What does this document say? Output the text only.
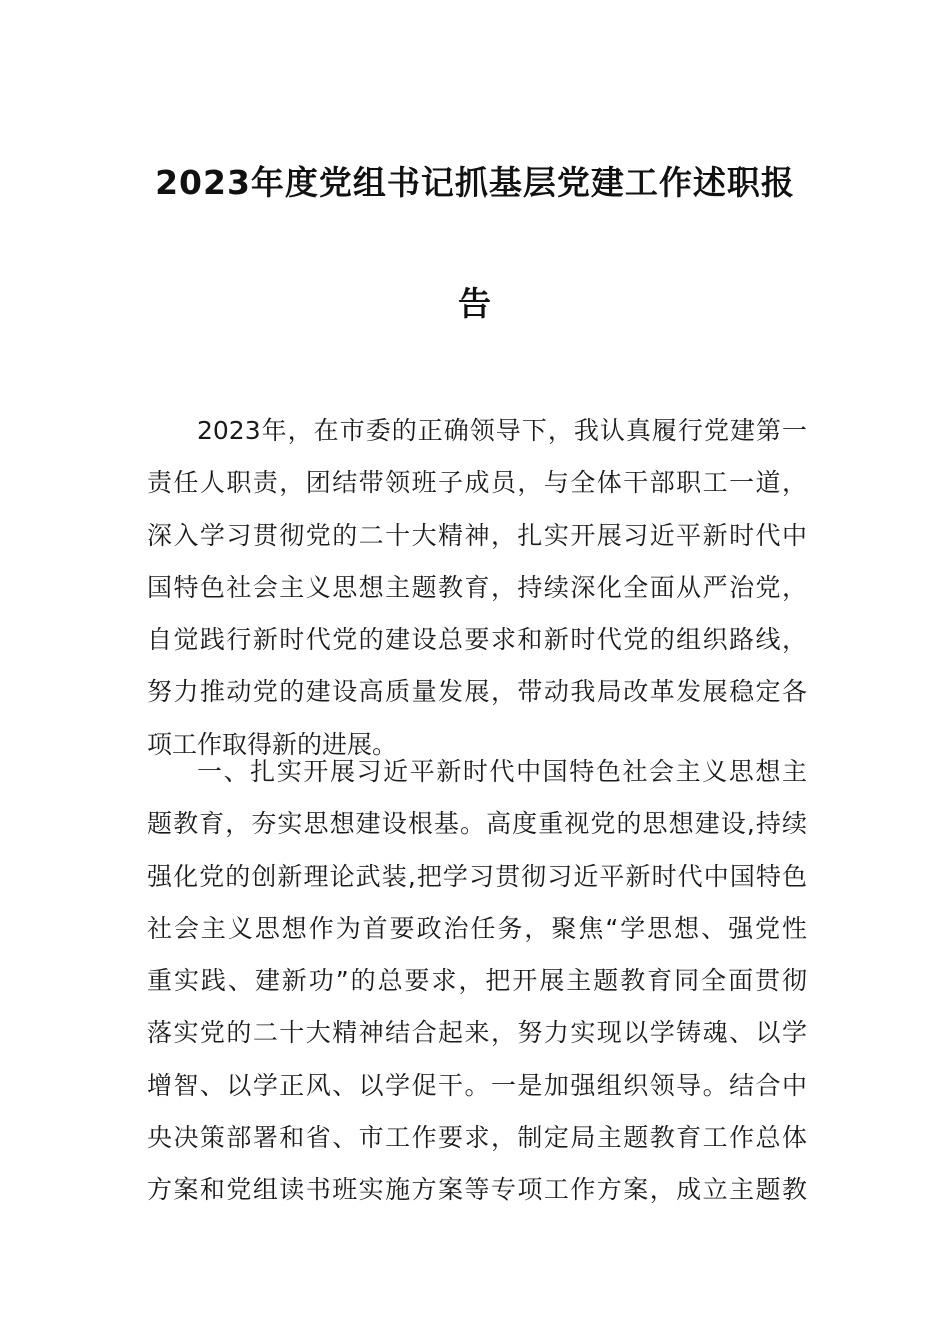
2023年度党组书记抓基层党建工作述职报
告
2023年，在市委的正确领导下，我认真履行党建第一
责任人职责，团结带领班子成员，与全体干部职工一道，
深入学习贯彻党的二十大精神，扎实开展习近平新时代中
国特色社会主义思想主题教育，持续深化全面从严治党，
自觉践行新时代党的建设总要求和新时代党的组织路线，
努力推动党的建设高质量发展，带动我局改革发展稳定各
项工作取得新的进展。
一、扎实开展习近平新时代中国特色社会主义思想主
题教育，夯实思想建设根基。高度重视党的思想建设,持续
强化党的创新理论武装,把学习贯彻习近平新时代中国特色
社会主义思想作为首要政治任务，聚焦“学思想、强党性
重实践、建新功”的总要求，把开展主题教育同全面贯彻
落实党的二十大精神结合起来，努力实现以学铸魂、以学
增智、以学正风、以学促干。一是加强组织领导。结合中
央决策部署和省、市工作要求，制定局主题教育工作总体
方案和党组读书班实施方案等专项工作方案，成立主题教
